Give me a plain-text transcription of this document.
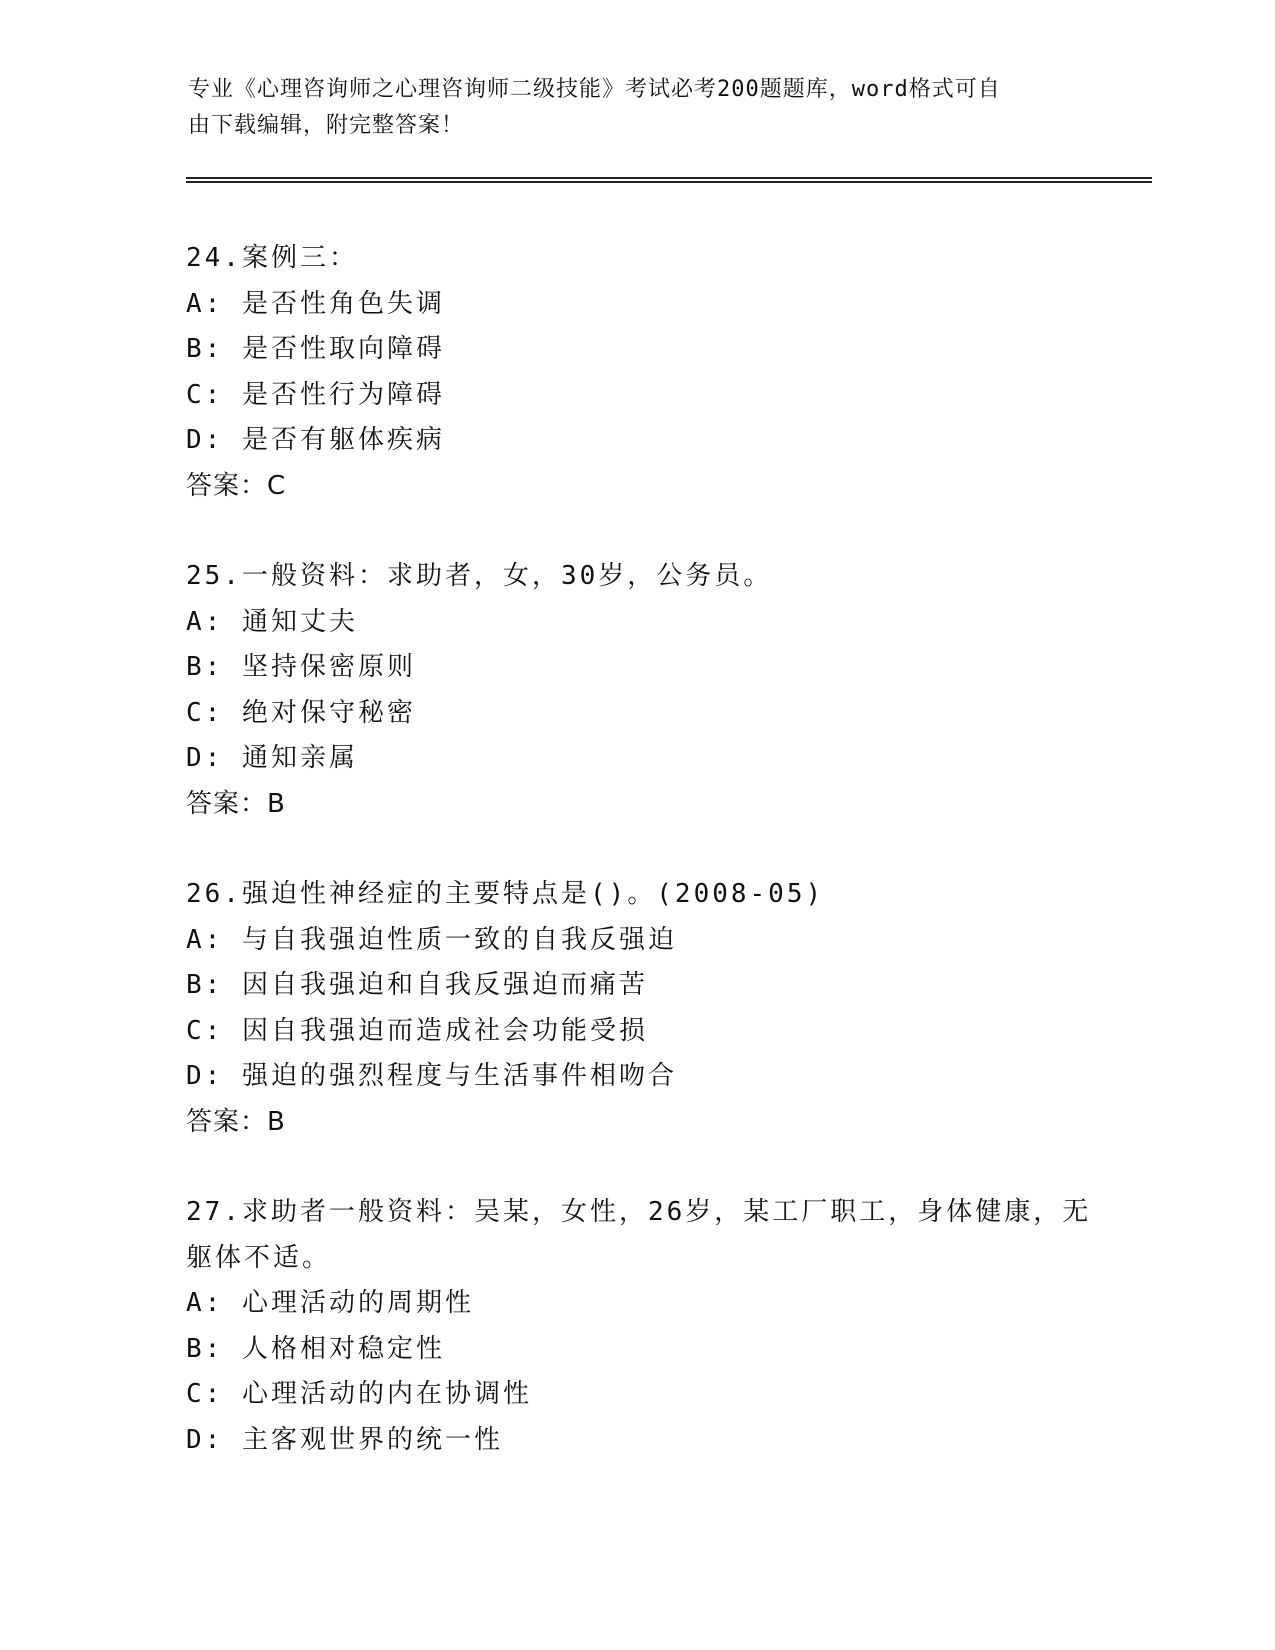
专业《心理咨询师之心理咨询师二级技能》考试必考200题题库，word格式可自
由下载编辑，附完整答案！
24.案例三：
A: 是否性角色失调
B: 是否性取向障碍
C: 是否性行为障碍
D: 是否有躯体疾病
答案：C
25.一般资料：求助者，女，30岁，公务员。
A: 通知丈夫
B: 坚持保密原则
C: 绝对保守秘密
D: 通知亲属
答案：B
26.强迫性神经症的主要特点是()。(2008-05)
A: 与自我强迫性质一致的自我反强迫
B: 因自我强迫和自我反强迫而痛苦
C: 因自我强迫而造成社会功能受损
D: 强迫的强烈程度与生活事件相吻合
答案：B
27.求助者一般资料：吴某，女性，26岁，某工厂职工，身体健康，无
躯体不适。
A: 心理活动的周期性
B: 人格相对稳定性
C: 心理活动的内在协调性
D: 主客观世界的统一性
